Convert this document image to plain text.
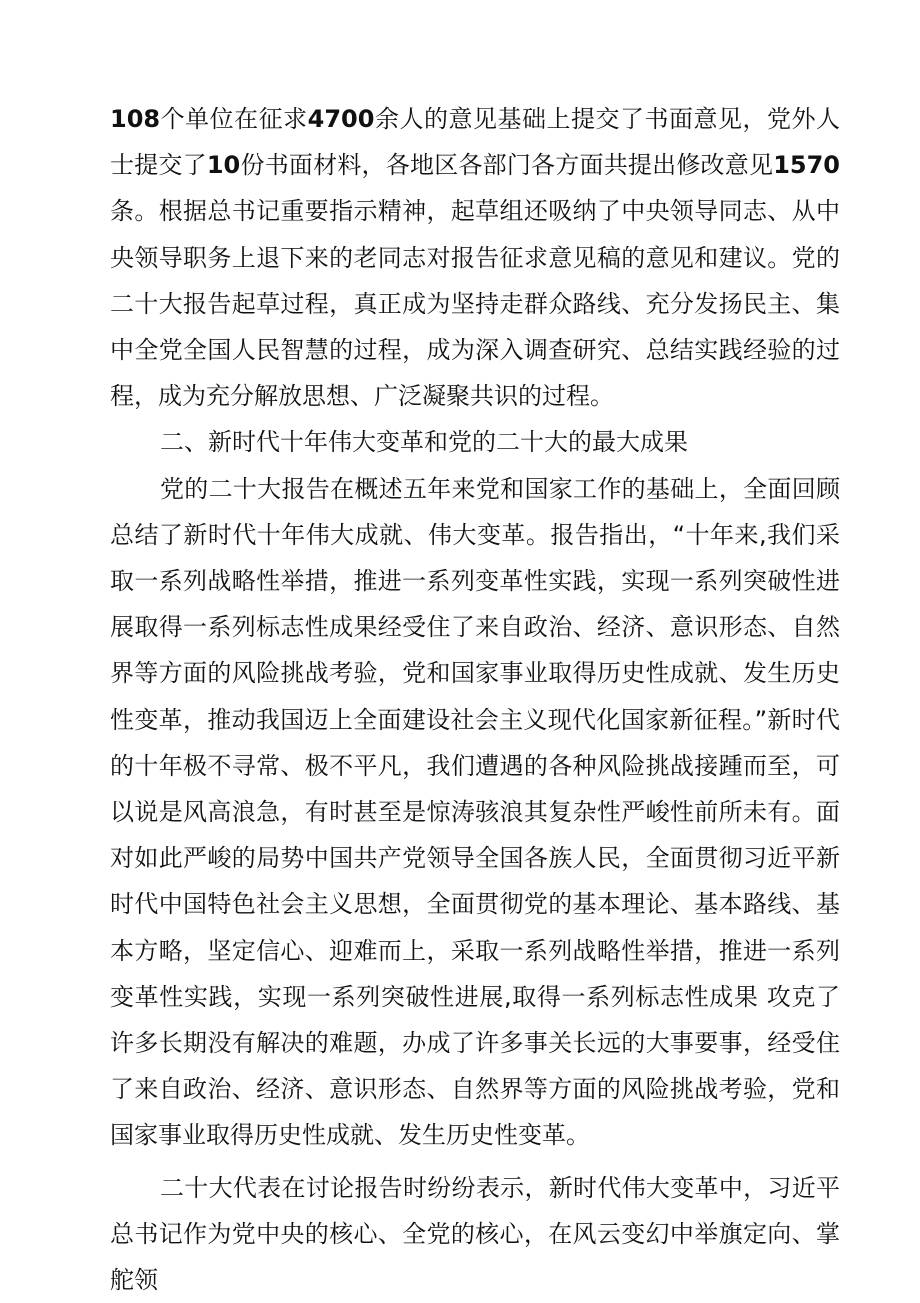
108个单位在征求4700余人的意见基础上提交了书面意见，党外人士提交了10份书面材料，各地区各部门各方面共提出修改意见1570条。根据总书记重要指示精神，起草组还吸纳了中央领导同志、从中央领导职务上退下来的老同志对报告征求意见稿的意见和建议。党的二十大报告起草过程，真正成为坚持走群众路线、充分发扬民主、集中全党全国人民智慧的过程，成为深入调查研究、总结实践经验的过程，成为充分解放思想、广泛凝聚共识的过程。

二、新时代十年伟大变革和党的二十大的最大成果

党的二十大报告在概述五年来党和国家工作的基础上，全面回顾总结了新时代十年伟大成就、伟大变革。报告指出，“十年来,我们采取一系列战略性举措，推进一系列变革性实践，实现一系列突破性进展取得一系列标志性成果经受住了来自政治、经济、意识形态、自然界等方面的风险挑战考验，党和国家事业取得历史性成就、发生历史性变革，推动我国迈上全面建设社会主义现代化国家新征程。”新时代的十年极不寻常、极不平凡，我们遭遇的各种风险挑战接踵而至，可以说是风高浪急，有时甚至是惊涛骇浪其复杂性严峻性前所未有。面对如此严峻的局势中国共产党领导全国各族人民，全面贯彻习近平新时代中国特色社会主义思想，全面贯彻党的基本理论、基本路线、基本方略，坚定信心、迎难而上，采取一系列战略性举措，推进一系列变革性实践，实现一系列突破性进展,取得一系列标志性成果 攻克了许多长期没有解决的难题，办成了许多事关长远的大事要事，经受住了来自政治、经济、意识形态、自然界等方面的风险挑战考验，党和国家事业取得历史性成就、发生历史性变革。

二十大代表在讨论报告时纷纷表示，新时代伟大变革中，习近平总书记作为党中央的核心、全党的核心，在风云变幻中举旗定向、掌舵领
